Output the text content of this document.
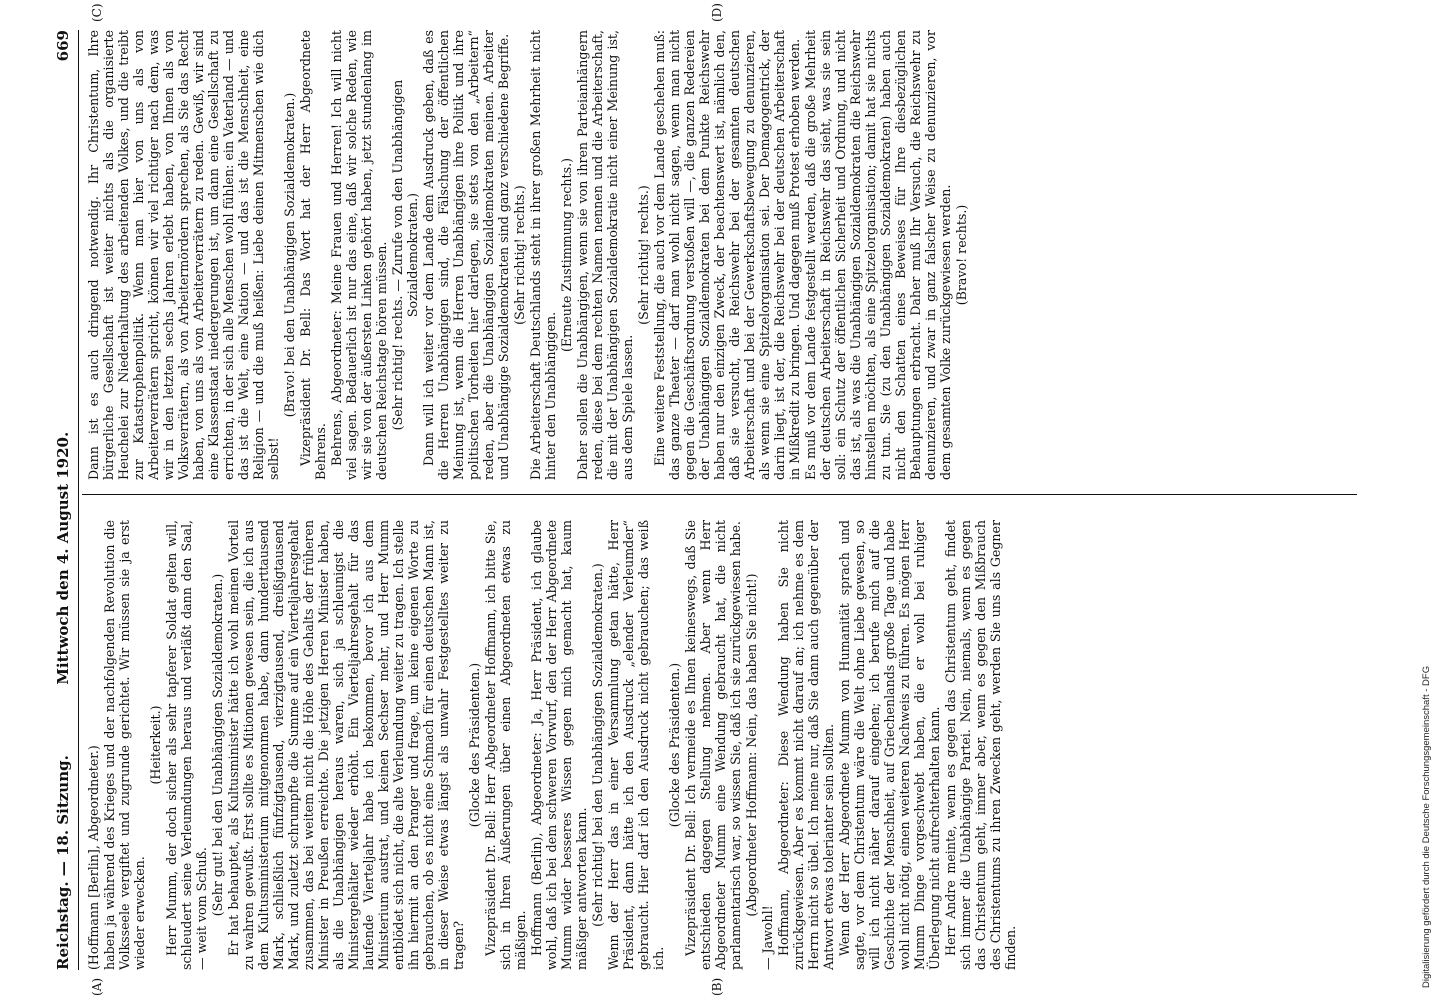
Reichstag. — 18. Sitzung.
Mittwoch den 4. August 1920.  669
(A)	(B)
(C)	(D)

(Hoffmann [Berlin], Abgeordneter.) haben ja während des Krieges und der nachfolgenden Revolution die Volksseele vergiftet und zugrunde gerichtet. Wir müssen sie ja erst wieder erwecken.

(Heiterkeit.) Herr Mumm, der doch sicher als sehr tapferer Soldat gelten will, schleudert seine Verleumdungen heraus und verläßt dann den Saal, — weit vom Schuß. (Sehr gut! bei den Unabhängigen Sozialdemokraten.) Er hat behauptet, als Kultusminister hätte ich wohl meinen Vorteil zu wahren gewußt. Erst sollte es Mitionen gewesen sein, die ich aus dem Kultusministerium mitgenommen habe, dann hunderttausend Mark, schließlich fünfzigtausend, vierzigtausend, dreißigtausend Mark, und zuletzt schrumpfte die Summe auf ein Vierteljahresgehalt zusammen, das bei weitem nicht die Höhe des Gehalts der früheren Minister in Preußen erreichte. Die jetzigen Herren Minister haben, als die Unabhängigen heraus waren, sich ja schleunigst die Ministergehälter wieder erhöht. Ein Vierteljahresgehalt für das laufende Vierteljahr habe ich bekommen, bevor ich aus dem Ministerium austrat, und keinen Sechser mehr, und Herr Mumm entblödet sich nicht, die alte Verleumdung weiter zu tragen. Ich stelle ihn hiermit an den Pranger und frage, um keine eigenen Worte zu gebrauchen, ob es nicht eine Schmach für einen deutschen Mann ist, in dieser Weise etwas längst als unwahr Festgestelltes weiter zu tragen?

(Glocke des Präsidenten.) Vizepräsident Dr. Bell: Herr Abgeordneter Hoffmann, ich bitte Sie, sich in Ihren Äußerungen über einen Abgeordneten etwas zu mäßigen. Hoffmann (Berlin), Abgeordneter: Ja, Herr Präsident, ich glaube wohl, daß ich bei dem schweren Vorwurf, den der Herr Abgeordnete Mumm wider besseres Wissen gegen mich gemacht hat, kaum mäßiger antworten kann. (Sehr richtig! bei den Unabhängigen Sozialdemokraten.) Wenn der Herr das in einer Versammlung getan hätte, Herr Präsident, dann hätte ich den Ausdruck „elender Verleumder“ gebraucht. Hier darf ich den Ausdruck nicht gebrauchen; das weiß ich.

(Glocke des Präsidenten.) Vizepräsident Dr. Bell: Ich vermeide es Ihnen keineswegs, daß Sie entschieden dagegen Stellung nehmen. Aber wenn Herr Abgeordneter Mumm eine Wendung gebraucht hat, die nicht parlamentarisch war, so wissen Sie, daß ich sie zurückgewiesen habe. (Abgeordneter Hoffmann: Nein, das haben Sie nicht!)

— Jawohl! Hoffmann, Abgeordneter: Diese Wendung haben Sie nicht zurückgewiesen. Aber es kommt nicht darauf an; ich nehme es dem Herrn nicht so übel. Ich meine nur, daß Sie dann auch gegenüber der Antwort etwas tolerianter sein sollten. Wenn der Herr Abgeordnete Mumm von Humanität sprach und sagte, vor dem Christentum wäre die Welt ohne Liebe gewesen, so will ich nicht näher darauf eingehen; ich berufe mich auf die Geschichte der Menschheit, auf Griechenlands große Tage und habe wohl nicht nötig, einen weiteren Nachweis zu führen. Es mögen Herr Mumm Dinge vorgeschwebt haben, die er wohl bei ruhiger Überlegung nicht aufrechterhalten kann. Herr Andre meinte, wenn es gegen das Christentum geht, findet sich immer die Unabhängige Partei. Nein, niemals, wenn es gegen das Christentum geht, immer aber, wenn es gegen den Mißbrauch des Christentums zu ihren Zwecken geht, werden Sie uns als Gegner finden.

Dann ist es auch dringend notwendig. Ihr Christentum, Ihre bürgerliche Gesellschaft ist weiter nichts als die organisierte Heuchelei zur Niederhaltung des arbeitenden Volkes, und die treibt zur Katastrophenpolitik. Wenn man hier von uns als von Arbeiterverrätern spricht, können wir viel richtiger nach dem, was wir in den letzten sechs Jahren erlebt haben, von Ihnen als von Volksverrätern, als von Arbeitermördern sprechen, als Sie das Recht haben, von uns als von Arbeiterverrätern zu reden. Gewiß, wir sind eine Klassenstaat niedergerungen ist, um dann eine Gesellschaft zu errichten, in der sich alle Menschen wohl fühlen: ein Vaterland — und das ist die Welt, eine Nation — und das ist die Menschheit, eine Religion — und die muß heißen: Liebe deinen Mitmenschen wie dich selbst!

(Bravo! bei den Unabhängigen Sozialdemokraten.) Vizepräsident Dr. Bell: Das Wort hat der Herr Abgeordnete Behrens. Behrens, Abgeordneter: Meine Frauen und Herren! Ich will nicht viel sagen. Bedauerlich ist nur das eine, daß wir solche Reden, wie wir sie von der äußersten Linken gehört haben, jetzt stundenlang im deutschen Reichstage hören müssen. (Sehr richtig! rechts. — Zurufe von den Unabhängigen Sozialdemokraten.) Dann will ich weiter vor dem Lande dem Ausdruck geben, daß es die Herren Unabhängigen sind, die Fälschung der öffentlichen Meinung ist, wenn die Herren Unabhängigen ihre Politik und ihre politischen Torheiten hier darlegen, sie stets von den „Arbeitern“ reden, aber die Unabhängigen Sozialdemokraten meinen. Arbeiter und Unabhängige Sozialdemokraten sind ganz verschiedene Begriffe. (Sehr richtig! rechts.) Die Arbeiterschaft Deutschlands steht in ihrer großen Mehrheit nicht hinter den Unabhängigen.

(Erneute Zustimmung rechts.) Daher sollen die Unabhängigen, wenn sie von ihren Parteianhängern reden, diese bei dem rechten Namen nennen und die Arbeiterschaft, die mit der Unabhängigen Sozialdemokratie nicht einer Meinung ist, aus dem Spiele lassen.

(Sehr richtig! rechts.) Eine weitere Feststellung, die auch vor dem Lande geschehen muß: das ganze Theater — darf man wohl nicht sagen, wenn man nicht gegen die Geschäftsordnung verstoßen will —, die ganzen Redereien der Unabhängigen Sozialdemokraten bei dem Punkte Reichswehr haben nur den einzigen Zweck, der beachtenswert ist, nämlich den, daß sie versucht, die Reichswehr bei der gesamten deutschen Arbeiterschaft und bei der Gewerkschaftsbewegung zu denunzieren, als wenn sie eine Spitzelorganisation sei. Der Demagogentrick, der darin liegt, ist der, die Reichswehr bei der deutschen Arbeiterschaft in Mißkredit zu bringen. Und dagegen muß Protest erhoben werden. Es muß vor dem Lande festgestellt werden, daß die große Mehrheit der deutschen Arbeiterschaft in Reichswehr das sieht, was sie sein soll: ein Schutz der öffentlichen Sicherheit und Ordnung, und nicht das ist, als was die Unabhängigen Sozialdemokraten die Reichswehr hinstellen möchten, als eine Spitzelorganisation; damit hat sie nichts zu tun. Sie (zu den Unabhängigen Sozialdemokraten) haben auch nicht den Schatten eines Beweises für Ihre diesbezüglichen Behauptungen erbracht. Daher muß Ihr Versuch, die Reichswehr zu denunzieren, und zwar in ganz falscher Weise zu denunzieren, vor dem gesamten Volke zurückgewiesen werden. (Bravo! rechts.)

Digitalisierung gefördert durch die Deutsche Forschungsgemeinschaft - DFG
